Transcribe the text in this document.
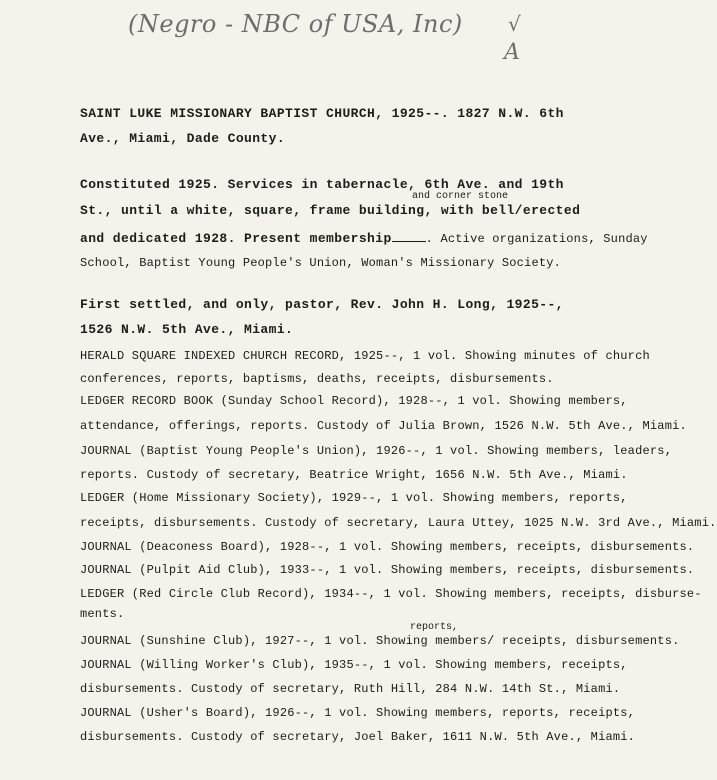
(Negro - NBC of USA, Inc) √
A
SAINT LUKE MISSIONARY BAPTIST CHURCH, 1925--. 1827 N.W. 6th
Ave., Miami, Dade County.
Constituted 1925. Services in tabernacle, 6th Ave. and 19th
and corner stone
St., until a white, square, frame building, with bell/erected
and dedicated 1928. Present membership	. Active organizations, Sunday
School, Baptist Young People's Union, Woman's Missionary Society.
First settled, and only, pastor, Rev. John H. Long, 1925--,
1526 N.W. 5th Ave., Miami.
HERALD SQUARE INDEXED CHURCH RECORD, 1925--, 1 vol. Showing minutes of church
conferences, reports, baptisms, deaths, receipts, disbursements.
LEDGER RECORD BOOK (Sunday School Record), 1928--, 1 vol. Showing members,
attendance, offerings, reports. Custody of Julia Brown, 1526 N.W. 5th Ave., Miami.
JOURNAL (Baptist Young People's Union), 1926--, 1 vol. Showing members, leaders,
reports. Custody of secretary, Beatrice Wright, 1656 N.W. 5th Ave., Miami.
LEDGER (Home Missionary Society), 1929--, 1 vol. Showing members, reports,
receipts, disbursements. Custody of secretary, Laura Uttey, 1025 N.W. 3rd Ave., Miami.
JOURNAL (Deaconess Board), 1928--, 1 vol. Showing members, receipts, disbursements.
JOURNAL (Pulpit Aid Club), 1933--, 1 vol. Showing members, receipts, disbursements.
LEDGER (Red Circle Club Record), 1934--, 1 vol. Showing members, receipts, disburse-
ments.
reports,
JOURNAL (Sunshine Club), 1927--, 1 vol. Showing members/ receipts, disbursements.
JOURNAL (Willing Worker's Club), 1935--, 1 vol. Showing members, receipts,
disbursements. Custody of secretary, Ruth Hill, 284 N.W. 14th St., Miami.
JOURNAL (Usher's Board), 1926--, 1 vol. Showing members, reports, receipts,
disbursements. Custody of secretary, Joel Baker, 1611 N.W. 5th Ave., Miami.
